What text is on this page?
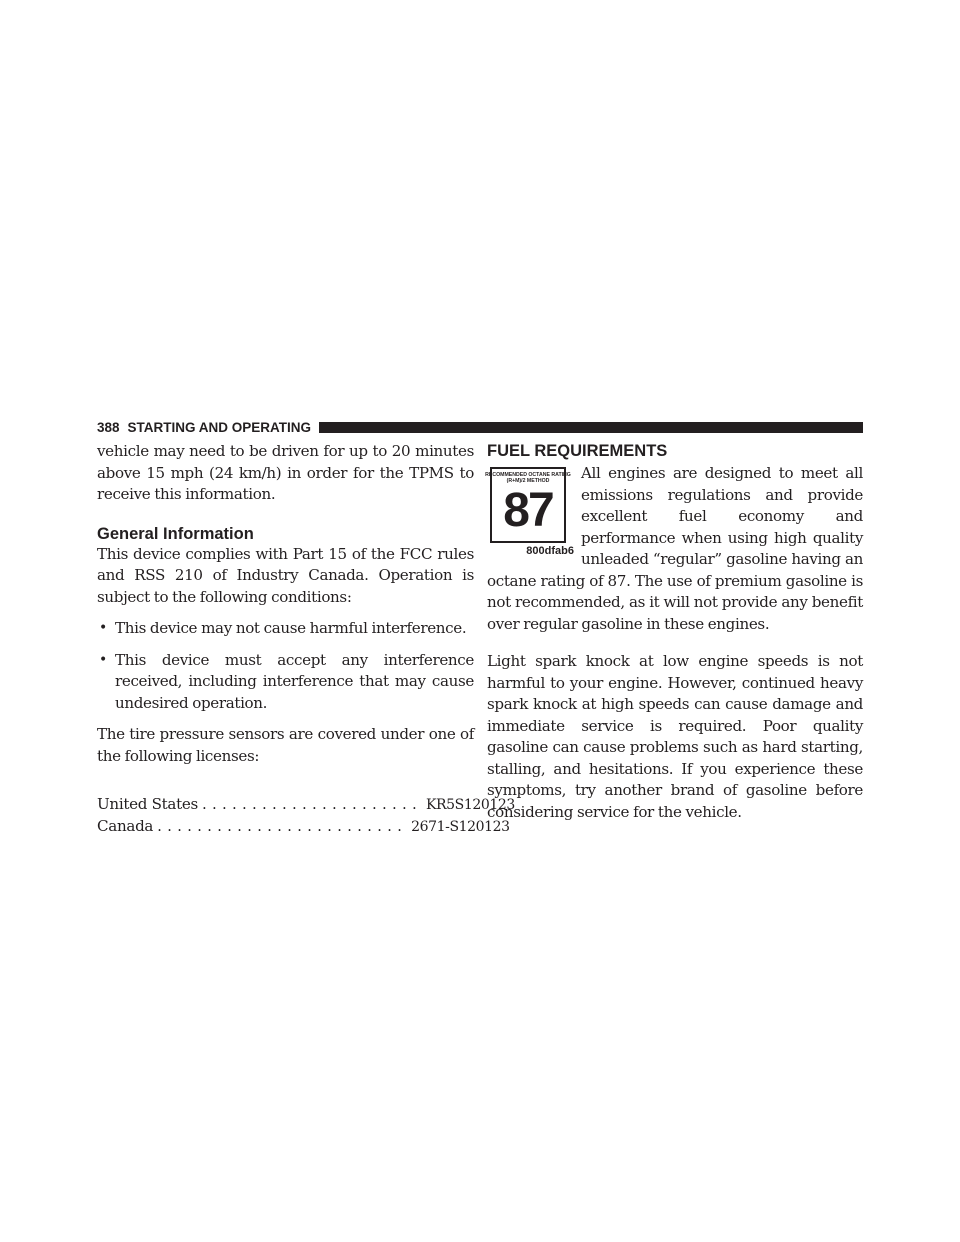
388 STARTING AND OPERATING

vehicle may need to be driven for up to 20 minutes above 15 mph (24 km/h) in order for the TPMS to receive this information.

General Information

This device complies with Part 15 of the FCC rules and RSS 210 of Industry Canada. Operation is subject to the following conditions:

• This device may not cause harmful interference.
• This device must accept any interference received, including interference that may cause undesired operation.

The tire pressure sensors are covered under one of the following licenses:

United States ...................... KR5S120123
Canada ......................... 2671-S120123
FUEL REQUIREMENTS
RECOMMENDED OCTANE RATING
(R+M)/2 METHOD
87
800dfab6

All engines are designed to meet all emissions regulations and provide excellent fuel economy and performance when using high quality unleaded “regular” gasoline having an octane rating of 87. The use of premium gasoline is not recommended, as it will not provide any benefit over regular gasoline in these engines.

Light spark knock at low engine speeds is not harmful to your engine. However, continued heavy spark knock at high speeds can cause damage and immediate service is required. Poor quality gasoline can cause problems such as hard starting, stalling, and hesitations. If you experience these symptoms, try another brand of gasoline before considering service for the vehicle.
